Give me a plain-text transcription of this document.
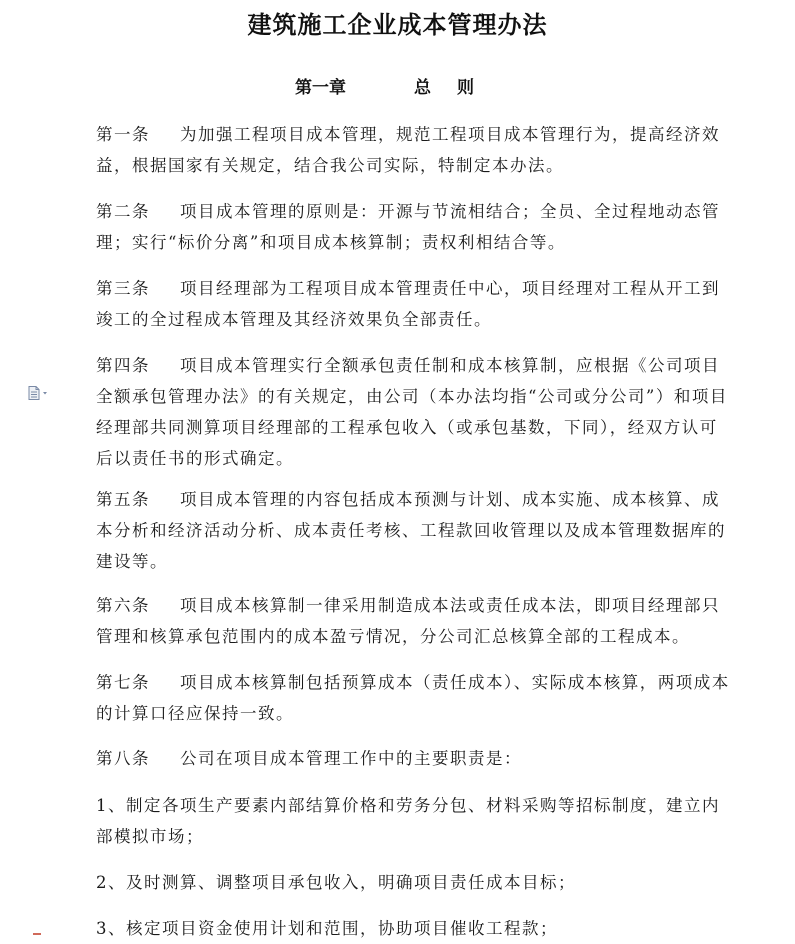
建筑施工企业成本管理办法
第一章	总则
第一条 为加强工程项目成本管理，规范工程项目成本管理行为，提高经济效益，根据国家有关规定，结合我公司实际，特制定本办法。
第二条 项目成本管理的原则是：开源与节流相结合；全员、全过程地动态管理；实行“标价分离”和项目成本核算制；责权利相结合等。
第三条 项目经理部为工程项目成本管理责任中心，项目经理对工程从开工到竣工的全过程成本管理及其经济效果负全部责任。
第四条 项目成本管理实行全额承包责任制和成本核算制，应根据《公司项目全额承包管理办法》的有关规定，由公司（本办法均指“公司或分公司”）和项目经理部共同测算项目经理部的工程承包收入（或承包基数，下同），经双方认可后以责任书的形式确定。
第五条 项目成本管理的内容包括成本预测与计划、成本实施、成本核算、成本分析和经济活动分析、成本责任考核、工程款回收管理以及成本管理数据库的建设等。
第六条 项目成本核算制一律采用制造成本法或责任成本法，即项目经理部只管理和核算承包范围内的成本盈亏情况，分公司汇总核算全部的工程成本。
第七条 项目成本核算制包括预算成本（责任成本）、实际成本核算，两项成本的计算口径应保持一致。
第八条 公司在项目成本管理工作中的主要职责是：
1、制定各项生产要素内部结算价格和劳务分包、材料采购等招标制度，建立内部模拟市场；
2、及时测算、调整项目承包收入，明确项目责任成本目标；
3、核定项目资金使用计划和范围，协助项目催收工程款；
